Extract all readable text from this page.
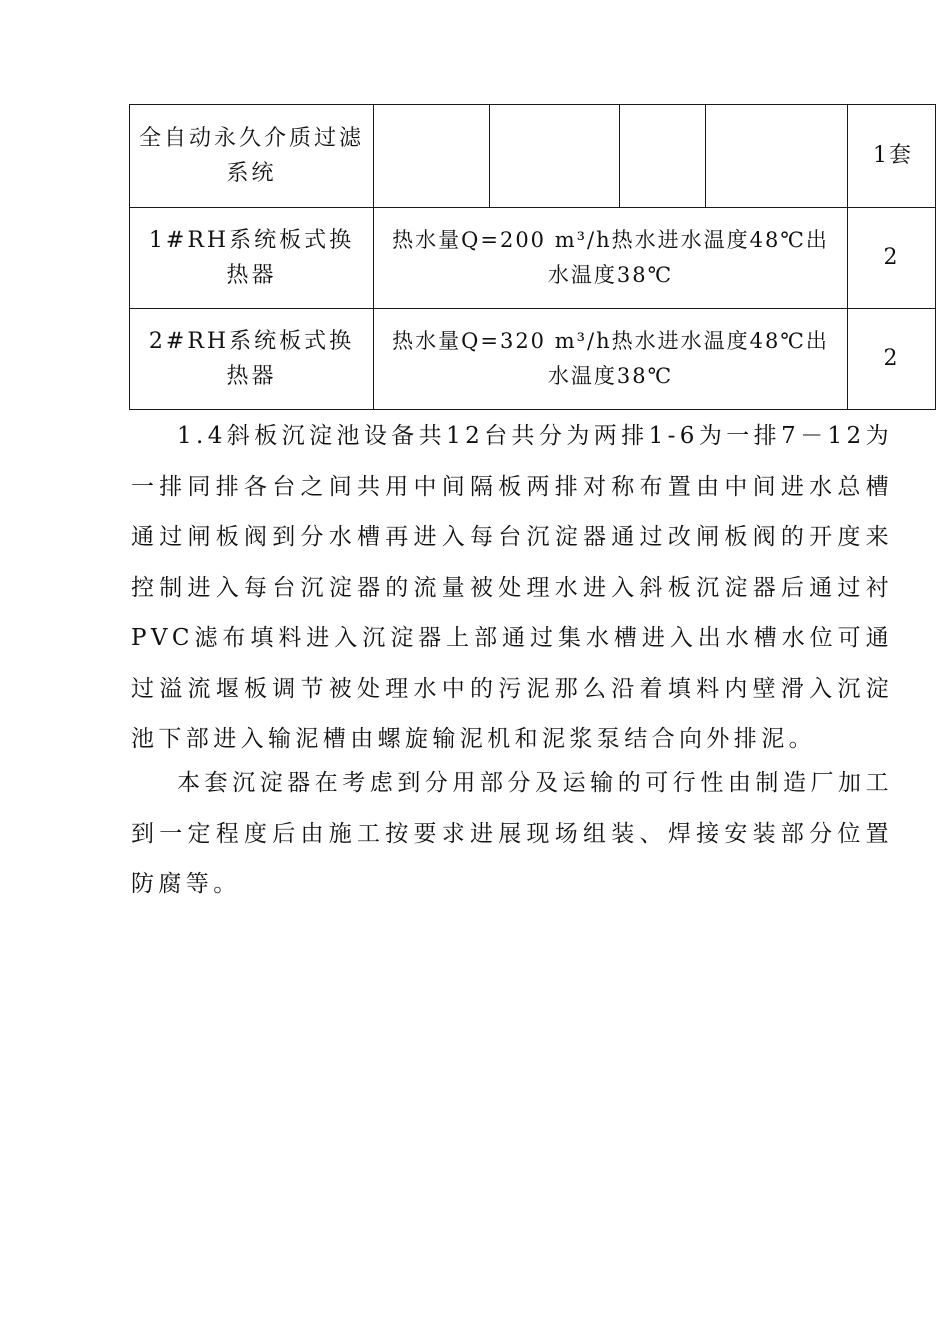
全自动永久介质过滤系统					1套
1#RH系统板式换热器	热水量Q=200 m³/h热水进水温度48℃出水温度38℃				2
2#RH系统板式换热器	热水量Q=320 m³/h热水进水温度48℃出水温度38℃				2

1.4斜板沉淀池设备共12台共分为两排1-6为一排7－12为一排同排各台之间共用中间隔板两排对称布置由中间进水总槽通过闸板阀到分水槽再进入每台沉淀器通过改闸板阀的开度来控制进入每台沉淀器的流量被处理水进入斜板沉淀器后通过衬PVC滤布填料进入沉淀器上部通过集水槽进入出水槽水位可通过溢流堰板调节被处理水中的污泥那么沿着填料内壁滑入沉淀池下部进入输泥槽由螺旋输泥机和泥浆泵结合向外排泥。

本套沉淀器在考虑到分用部分及运输的可行性由制造厂加工到一定程度后由施工按要求进展现场组装、焊接安装部分位置防腐等。
